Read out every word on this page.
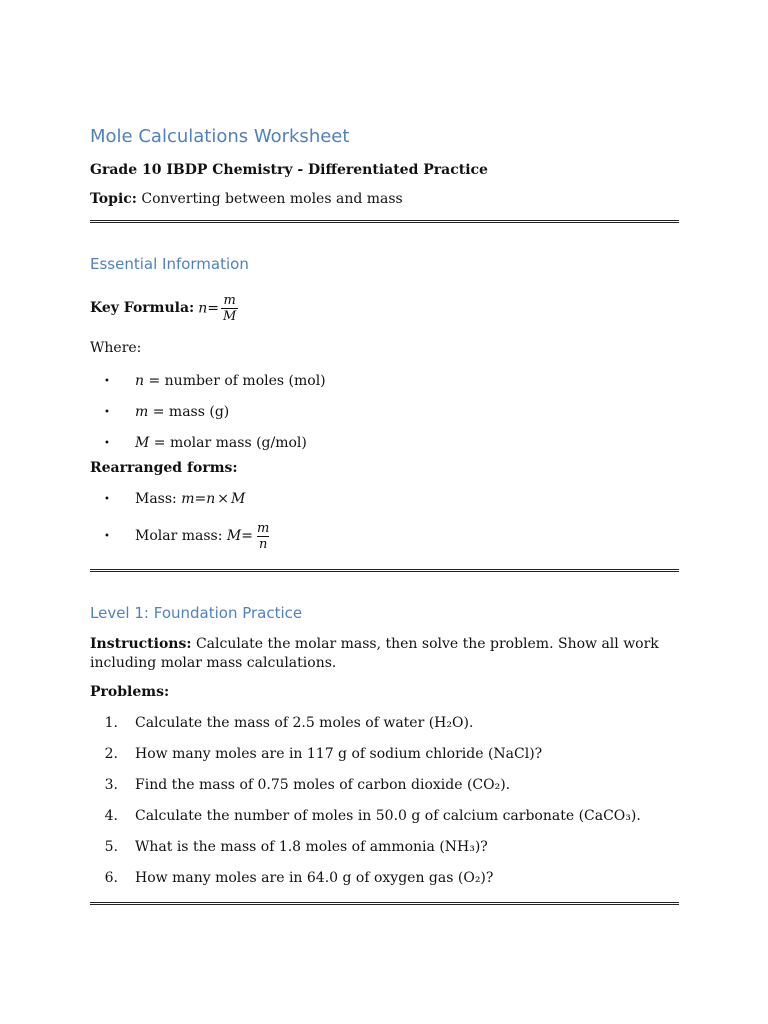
Mole Calculations Worksheet

Grade 10 IBDP Chemistry - Differentiated Practice

Topic: Converting between moles and mass

Essential Information
Key Formula: $n= \frac{m}{M}$

Where:

• n = number of moles (mol)
• m = mass (g)
• M = molar mass (g/mol)

Rearranged forms:

• Mass: m = n × M
• Molar mass: $M = \frac{m}{n}$
Level 1: Foundation Practice

Instructions: Calculate the molar mass, then solve the problem. Show all work including molar mass calculations.

Problems:

1. Calculate the mass of 2.5 moles of water (H₂O).
2. How many moles are in 117 g of sodium chloride (NaCl)?
3. Find the mass of 0.75 moles of carbon dioxide (CO₂).
4. Calculate the number of moles in 50.0 g of calcium carbonate (CaCO₃).
5. What is the mass of 1.8 moles of ammonia (NH₃)?
6. How many moles are in 64.0 g of oxygen gas (O₂)?
